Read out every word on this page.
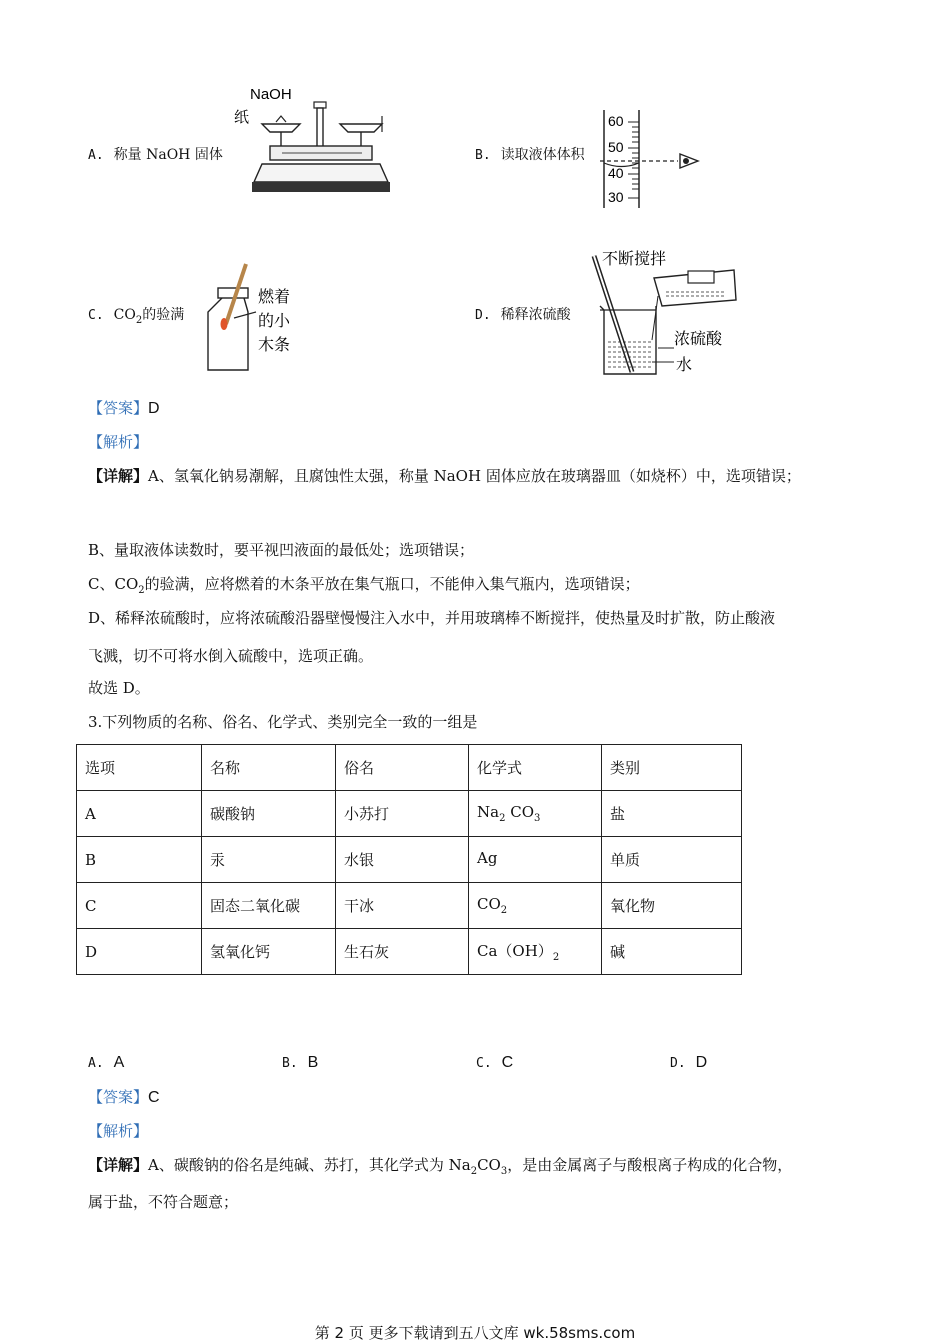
A. 称量 NaOH 固体
NaOH
纸
B. 读取液体体积
60
50
40
30
C. $CO_2$的验满
燃着
的小
木条
D. 稀释浓硫酸
不断搅拌
浓硫酸
水
【答案】D
【解析】
【详解】A、氢氧化钠易潮解，且腐蚀性太强，称量 NaOH 固体应放在玻璃器皿（如烧杯）中，选项错误；
B、量取液体读数时，要平视凹液面的最低处；选项错误；
C、$CO_2$的验满，应将燃着的木条平放在集气瓶口，不能伸入集气瓶内，选项错误；
D、稀释浓硫酸时，应将浓硫酸沿器壁慢慢注入水中，并用玻璃棒不断搅拌，使热量及时扩散，防止酸液
飞溅，切不可将水倒入硫酸中，选项正确。
故选 D。
3.下列物质的名称、俗名、化学式、类别完全一致的一组是
选项	名称	俗名	化学式	类别
A	碳酸钠	小苏打	$Na_2$ $CO_3$	盐
B	汞	水银	Ag	单质
C	固态二氧化碳	干冰	$CO_2$	氧化物
D	氢氧化钙	生石灰	$Ca(OH)_2$	碱
A. A	B. B	C. C	D. D
【答案】C
【解析】
【详解】A、碳酸钠的俗名是纯碱、苏打，其化学式为 $Na_2CO_3$，是由金属离子与酸根离子构成的化合物，
属于盐，不符合题意；
第 2 页 更多下载请到五八文库 wk.58sms.com
